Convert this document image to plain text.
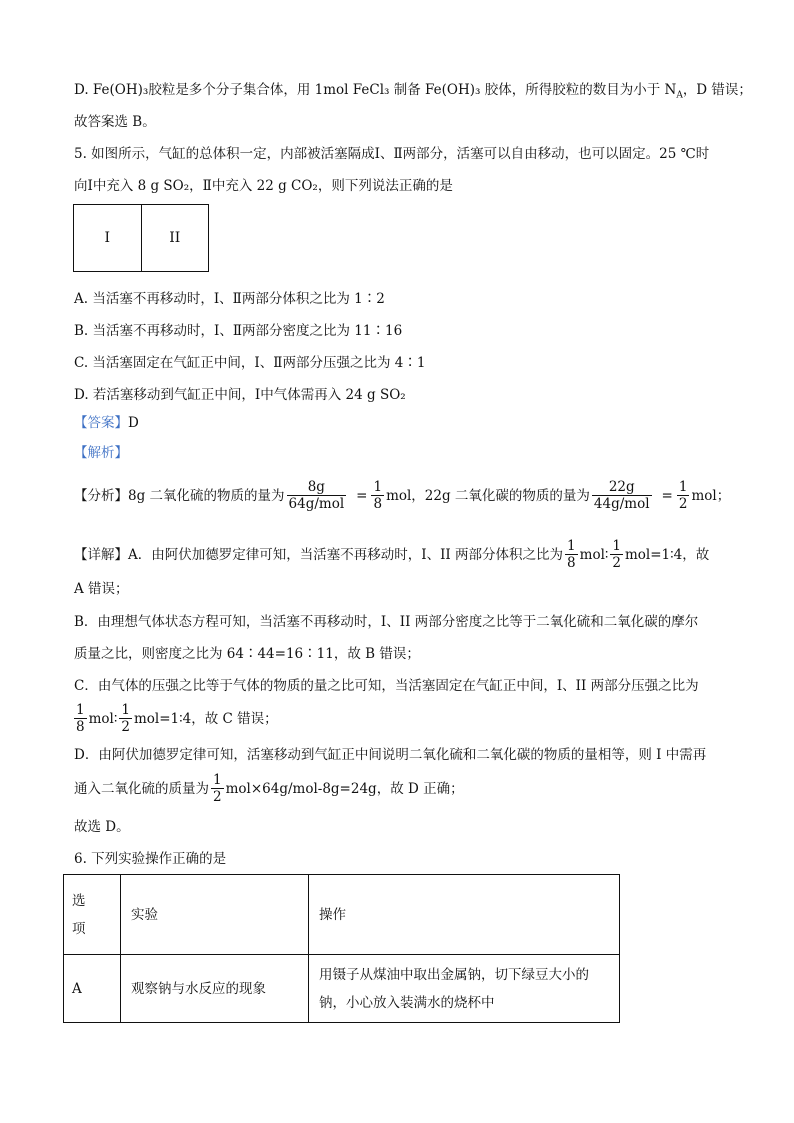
D. Fe(OH)₃胶粒是多个分子集合体，用 1mol FeCl₃ 制备 Fe(OH)₃ 胶体，所得胶粒的数目为小于 $N_A$，D 错误；
故答案选 B。
5. 如图所示，气缸的总体积一定，内部被活塞隔成Ⅰ、Ⅱ两部分，活塞可以自由移动，也可以固定。25 ℃时
向Ⅰ中充入 8 g SO₂，Ⅱ中充入 22 g CO₂，则下列说法正确的是
I	II
A. 当活塞不再移动时，Ⅰ、Ⅱ两部分体积之比为 1∶2
B. 当活塞不再移动时，Ⅰ、Ⅱ两部分密度之比为 11∶16
C. 当活塞固定在气缸正中间，Ⅰ、Ⅱ两部分压强之比为 4∶1
D. 若活塞移动到气缸正中间，Ⅰ中气体需再入 24 g SO₂
【答案】D
【解析】
【分析】 8g 二氧化硫的物质的量为 $\frac{8g}{\text{64g/mol}} = \frac{1}{8}$ mol，22g 二氧化碳的物质的量为 $\frac{22g}{\text{44g/mol}} = \frac{1}{2}$ mol；
【详解】A．由阿伏加德罗定律可知，当活塞不再移动时，I、II 两部分体积之比为 $\frac{1}{8}$ mol∶ $\frac{1}{2}$ mol=1∶4，故
A 错误；
B．由理想气体状态方程可知，当活塞不再移动时，I、II 两部分密度之比等于二氧化硫和二氧化碳的摩尔
质量之比，则密度之比为 64∶44=16∶11，故 B 错误；
C．由气体的压强之比等于气体的物质的量之比可知，当活塞固定在气缸正中间，I、II 两部分压强之比为
$\frac{1}{8}$ mol∶ $\frac{1}{2}$ mol=1∶4，故 C 错误；
D．由阿伏加德罗定律可知，活塞移动到气缸正中间说明二氧化硫和二氧化碳的物质的量相等，则 I 中需再
通入二氧化硫的质量为 $\frac{1}{2} mol\times 64g/mol-8g=24g$，故 D 正确；
故选 D。
6. 下列实验操作正确的是
选
项	实验	操作
A	观察钠与水反应的现象	用镊子从煤油中取出金属钠，切下绿豆大小的钠，小心放入装满水的烧杯中
